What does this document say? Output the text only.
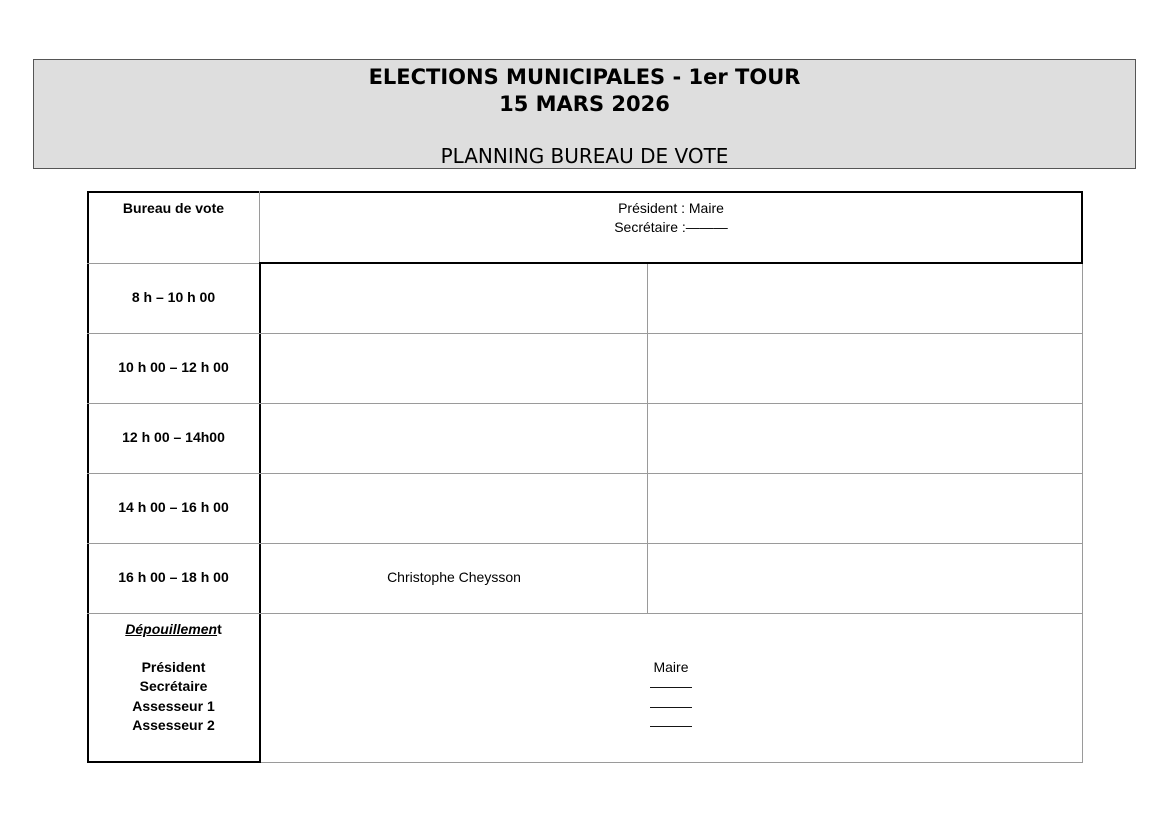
ELECTIONS MUNICIPALES - 1er TOUR
15 MARS 2026
PLANNING BUREAU DE VOTE
Bureau de vote	Président : Maire
Secrétaire :———
8 h – 10 h 00
10 h 00 – 12 h 00
12 h 00 – 14h00
14 h 00 – 16 h 00
16 h 00 – 18 h 00	Christophe Cheysson
Dépouillement
Président
Secrétaire
Assesseur 1
Assesseur 2
Maire
———
———
———
